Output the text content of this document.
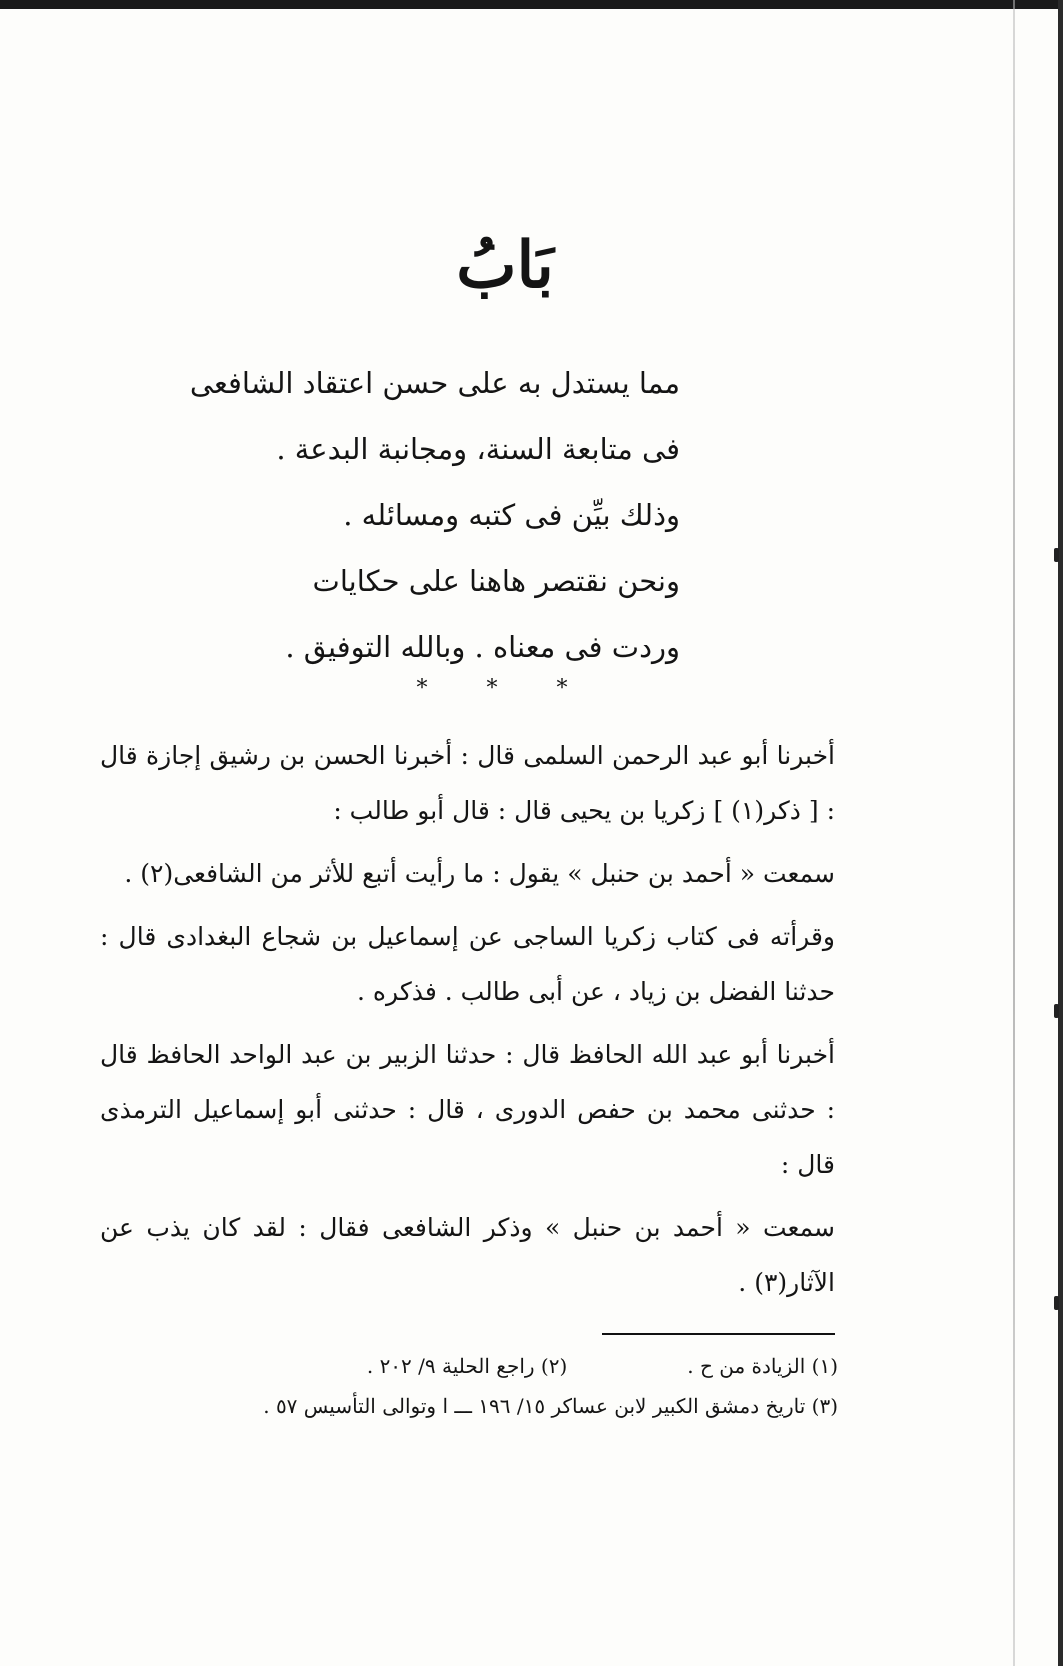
بَابُ
مما يستدل به على حسن اعتقاد الشافعى
فى متابعة السنة، ومجانبة البدعة .
وذلك بيِّن فى كتبه ومسائله .
ونحن نقتصر هاهنا على حكايات
وردت فى معناه . وبالله التوفيق .
* * *

أخبرنا أبو عبد الرحمن السلمى قال : أخبرنا الحسن بن رشيق إجازة قال : [ ذكر(١) ] زكريا بن يحيى قال : قال أبو طالب :

سمعت « أحمد بن حنبل » يقول : ما رأيت أتبع للأثر من الشافعى(٢) .

وقرأته فى كتاب زكريا الساجى عن إسماعيل بن شجاع البغدادى قال : حدثنا الفضل بن زياد ، عن أبى طالب . فذكره .

أخبرنا أبو عبد الله الحافظ قال : حدثنا الزبير بن عبد الواحد الحافظ قال : حدثنى محمد بن حفص الدورى ، قال : حدثنى أبو إسماعيل الترمذى قال :

سمعت « أحمد بن حنبل » وذكر الشافعى فقال : لقد كان يذب عن الآثار(٣) .

(١) الزيادة من ح .(٢) راجع الحلية ٩/ ٢٠٢ .
(٣) تاريخ دمشق الكبير لابن عساكر ١٥/ ١٩٦ ـــ ا وتوالى التأسيس ٥٧ .
